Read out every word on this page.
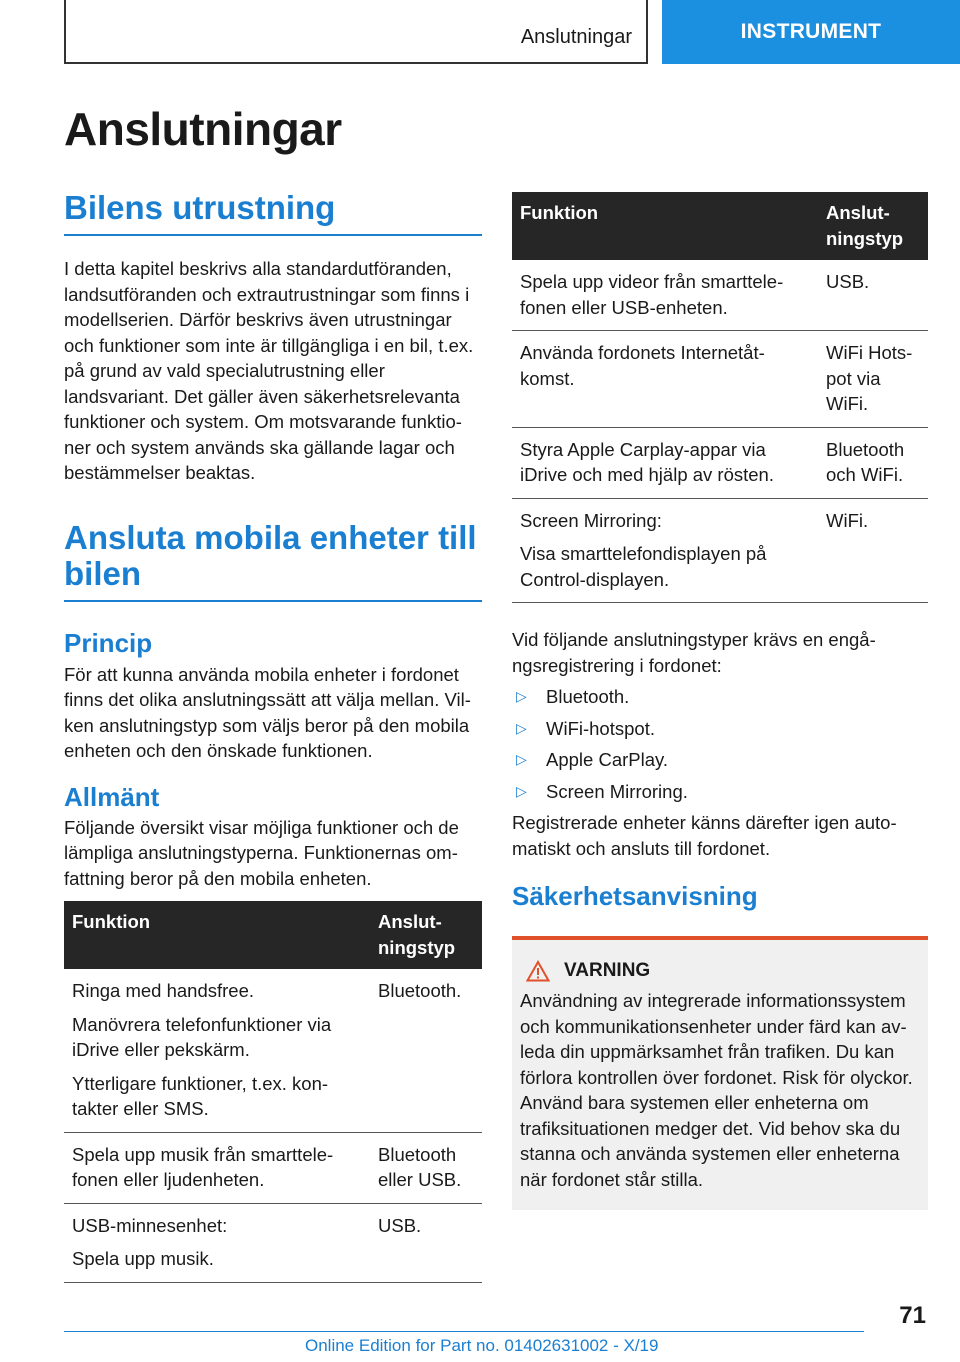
Anslutningar	INSTRUMENT
Anslutningar
Bilens utrustning

I detta kapitel beskrivs alla standardutföranden, landsutföranden och extrautrustningar som finns i modellserien. Därför beskrivs även utrustningar och funktioner som inte är tillgängliga i en bil, t.ex. på grund av vald specialutrustning eller landsvariant. Det gäller även säkerhetsrelevanta funktioner och system. Om motsvarande funktioner och system används ska gällande lagar och bestämmelser beaktas.

Ansluta mobila enheter till bilen
Princip

För att kunna använda mobila enheter i fordonet finns det olika anslutningssätt att välja mellan. Vilken anslutningstyp som väljs beror på den mobila enheten och den önskade funktionen.

Allmänt

Följande översikt visar möjliga funktioner och de lämpliga anslutningstyperna. Funktionernas omfattning beror på den mobila enheten.

Funktion	Anslutningstyp

Ringa med handsfree.
Manövrera telefonfunktioner via iDrive eller pekskärm.
Ytterligare funktioner, t.ex. kontakter eller SMS.	Bluetooth.

Spela upp musik från smarttelefonen eller ljudenheten.	Bluetooth eller USB.

USB-minnesenhet:
Spela upp musik.	USB.
Funktion	Anslutningstyp

Spela upp videor från smarttelefonen eller USB-enheten.	USB.

Använda fordonets Internetåtkomst.	WiFi Hotspot via WiFi.

Styra Apple Carplay-appar via iDrive och med hjälp av rösten.	Bluetooth och WiFi.

Screen Mirroring:
Visa smarttelefondisplayen på Control-displayen.	WiFi.

Vid följande anslutningstyper krävs en engångsregistrering i fordonet:

▷	Bluetooth.
▷	WiFi-hotspot.
▷	Apple CarPlay.
▷	Screen Mirroring.

Registrerade enheter känns därefter igen automatiskt och ansluts till fordonet.

Säkerhetsanvisning
VARNING

Användning av integrerade informationssystem och kommunikationsenheter under färd kan avleda din uppmärksamhet från trafiken. Du kan förlora kontrollen över fordonet. Risk för olyckor. Använd bara systemen eller enheterna om trafiksituationen medger det. Vid behov ska du stanna och använda systemen eller enheterna när fordonet står stilla.

71
Online Edition for Part no. 01402631002 - X/19
